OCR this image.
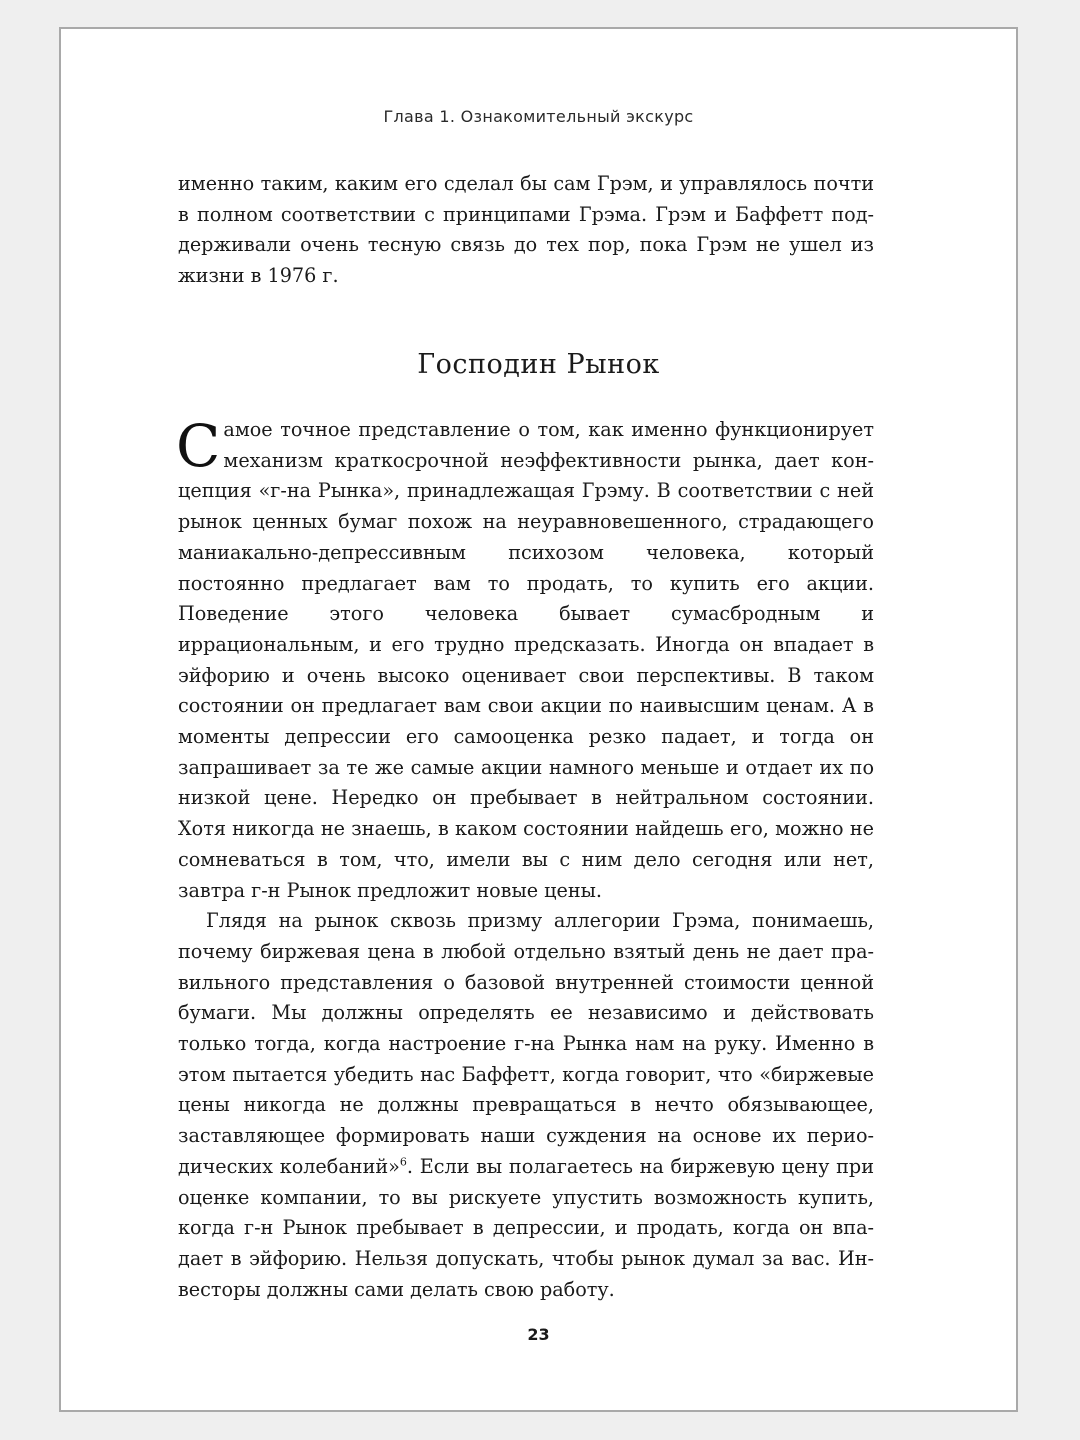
Глава 1. Ознакомительный экскурс

именно таким, каким его сделал бы сам Грэм, и управлялось почти в полном соответствии с принципами Грэма. Грэм и Баффетт поддерживали очень тесную связь до тех пор, пока Грэм не ушел из жизни в 1976 г.

Господин Рынок

Самое точное представление о том, как именно функционирует механизм краткосрочной неэффективности рынка, дает концепция «г-на Рынка», принадлежащая Грэму. В соответствии с ней рынок ценных бумаг похож на неуравновешенного, страдающего маниакально-депрессивным психозом человека, который постоянно предлагает вам то продать, то купить его акции. Поведение этого человека бывает сумасбродным и иррациональным, и его трудно предсказать. Иногда он впадает в эйфорию и очень высоко оценивает свои перспективы. В таком состоянии он предлагает вам свои акции по наивысшим ценам. А в моменты депрессии его самооценка резко падает, и тогда он запрашивает за те же самые акции намного меньше и отдает их по низкой цене. Нередко он пребывает в нейтральном состоянии. Хотя никогда не знаешь, в каком состоянии найдешь его, можно не сомневаться в том, что, имели вы с ним дело сегодня или нет, завтра г-н Рынок предложит новые цены.

Глядя на рынок сквозь призму аллегории Грэма, понимаешь, почему биржевая цена в любой отдельно взятый день не дает правильного представления о базовой внутренней стоимости ценной бумаги. Мы должны определять ее независимо и действовать только тогда, когда настроение г-на Рынка нам на руку. Именно в этом пытается убедить нас Баффетт, когда говорит, что «биржевые цены никогда не должны превращаться в нечто обязывающее, заставляющее формировать наши суждения на основе их периодических колебаний»$^6$. Если вы полагаетесь на биржевую цену при оценке компании, то вы рискуете упустить возможность купить, когда г-н Рынок пребывает в депрессии, и продать, когда он впадает в эйфорию. Нельзя допускать, чтобы рынок думал за вас. Инвесторы должны сами делать свою работу.

23
